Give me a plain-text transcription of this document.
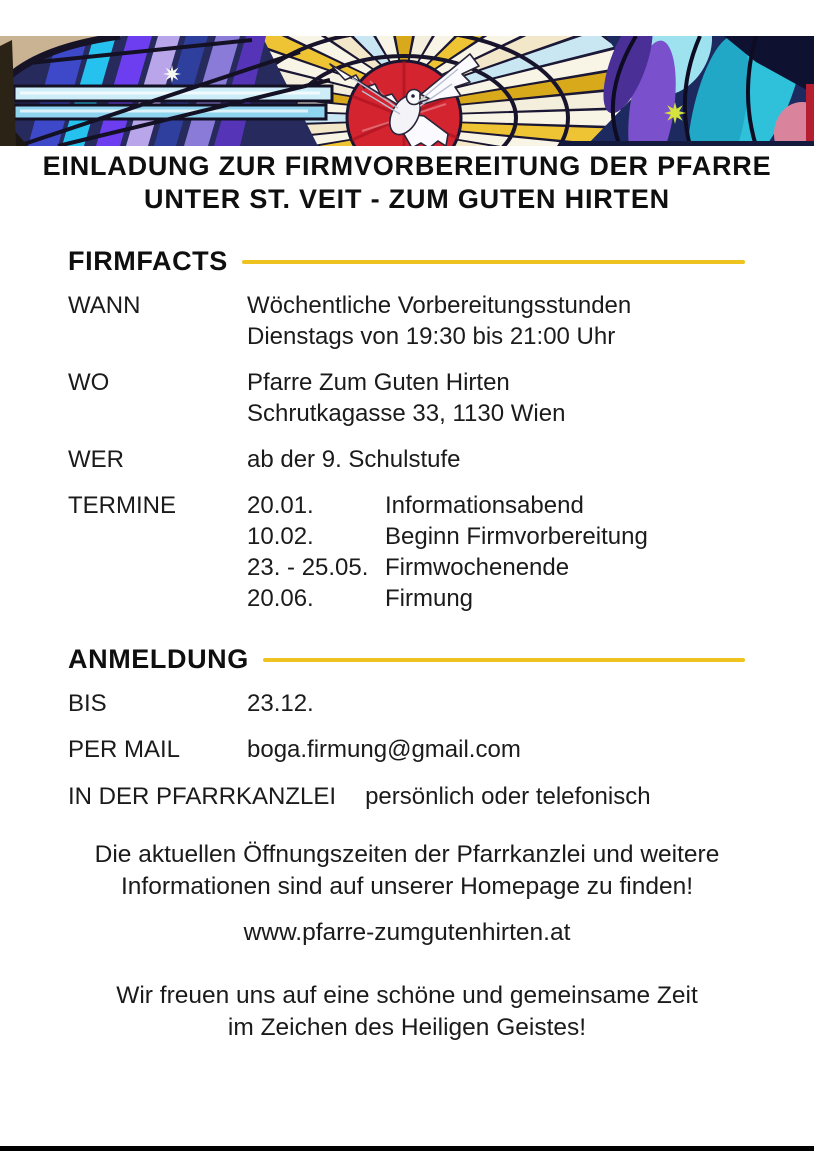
EINLADUNG ZUR FIRMVORBEREITUNG DER PFARRE
UNTER ST. VEIT - ZUM GUTEN HIRTEN
FIRMFACTS
WANN	Wöchentliche Vorbereitungsstunden
Dienstags von 19:30 bis 21:00 Uhr
WO	Pfarre Zum Guten Hirten
Schrutkagasse 33, 1130 Wien
WER	ab der 9. Schulstufe
TERMINE	20.01.	Informationsabend
10.02.	Beginn Firmvorbereitung
23. - 25.05. Firmwochenende
20.06.	Firmung
ANMELDUNG
BIS	23.12.
PER MAIL	boga.firmung@gmail.com
IN DER PFARRKANZLEI persönlich oder telefonisch
Die aktuellen Öffnungszeiten der Pfarrkanzlei und weitere
Informationen sind auf unserer Homepage zu finden!
www.pfarre-zumgutenhirten.at
Wir freuen uns auf eine schöne und gemeinsame Zeit
im Zeichen des Heiligen Geistes!
